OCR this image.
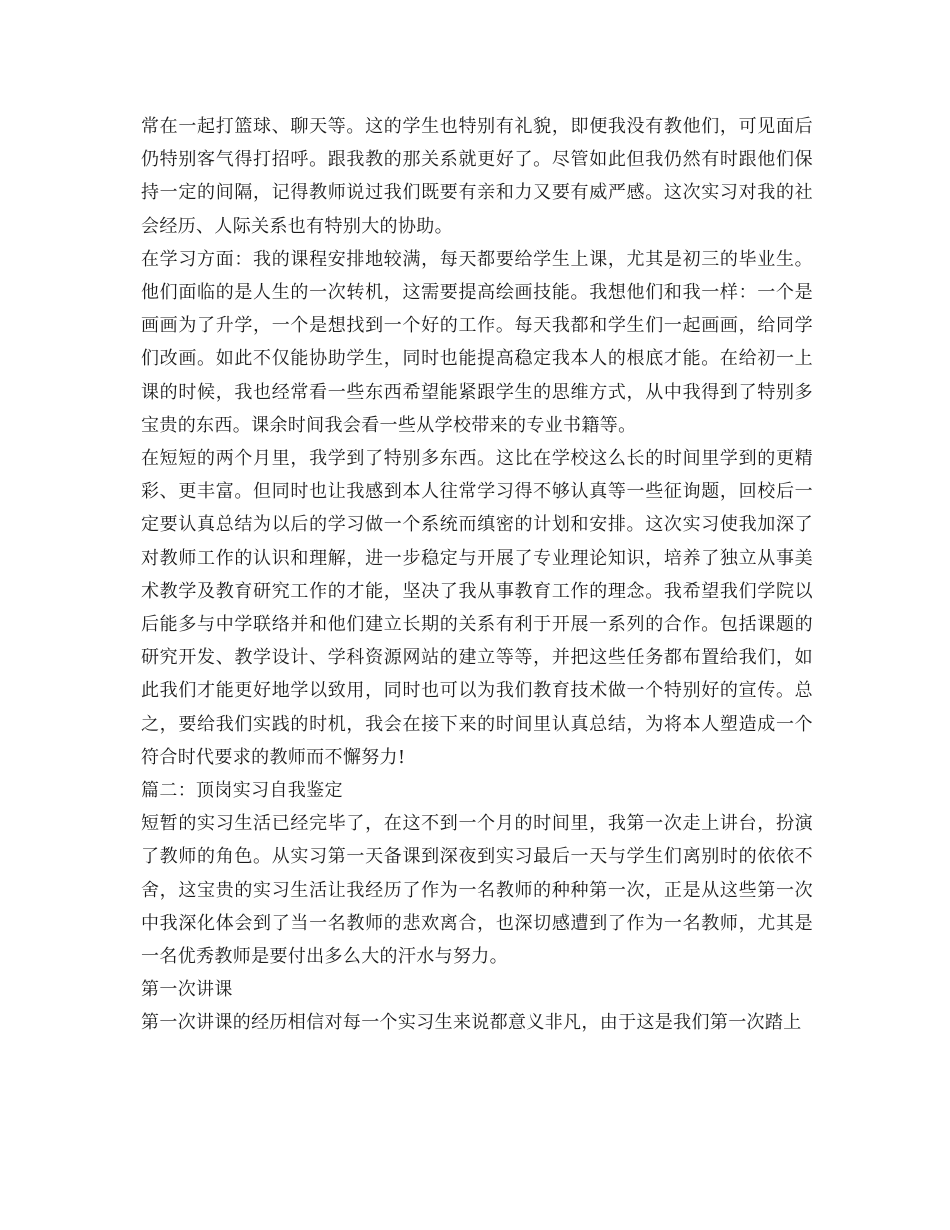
常在一起打篮球、聊天等。这的学生也特别有礼貌，即便我没有教他们，可见面后仍特别客气得打招呼。跟我教的那关系就更好了。尽管如此但我仍然有时跟他们保持一定的间隔，记得教师说过我们既要有亲和力又要有威严感。这次实习对我的社会经历、人际关系也有特别大的协助。

在学习方面：我的课程安排地较满，每天都要给学生上课，尤其是初三的毕业生。他们面临的是人生的一次转机，这需要提高绘画技能。我想他们和我一样：一个是画画为了升学，一个是想找到一个好的工作。每天我都和学生们一起画画，给同学们改画。如此不仅能协助学生，同时也能提高稳定我本人的根底才能。在给初一上课的时候，我也经常看一些东西希望能紧跟学生的思维方式，从中我得到了特别多宝贵的东西。课余时间我会看一些从学校带来的专业书籍等。

在短短的两个月里，我学到了特别多东西。这比在学校这么长的时间里学到的更精彩、更丰富。但同时也让我感到本人往常学习得不够认真等一些征询题，回校后一定要认真总结为以后的学习做一个系统而缜密的计划和安排。这次实习使我加深了对教师工作的认识和理解，进一步稳定与开展了专业理论知识，培养了独立从事美术教学及教育研究工作的才能，坚决了我从事教育工作的理念。我希望我们学院以后能多与中学联络并和他们建立长期的关系有利于开展一系列的合作。包括课题的研究开发、教学设计、学科资源网站的建立等等，并把这些任务都布置给我们，如此我们才能更好地学以致用，同时也可以为我们教育技术做一个特别好的宣传。总之，要给我们实践的时机，我会在接下来的时间里认真总结，为将本人塑造成一个符合时代要求的教师而不懈努力!

篇二：顶岗实习自我鉴定

短暂的实习生活已经完毕了，在这不到一个月的时间里，我第一次走上讲台，扮演了教师的角色。从实习第一天备课到深夜到实习最后一天与学生们离别时的依依不舍，这宝贵的实习生活让我经历了作为一名教师的种种第一次，正是从这些第一次中我深化体会到了当一名教师的悲欢离合，也深切感遭到了作为一名教师，尤其是一名优秀教师是要付出多么大的汗水与努力。

第一次讲课

第一次讲课的经历相信对每一个实习生来说都意义非凡，由于这是我们第一次踏上
